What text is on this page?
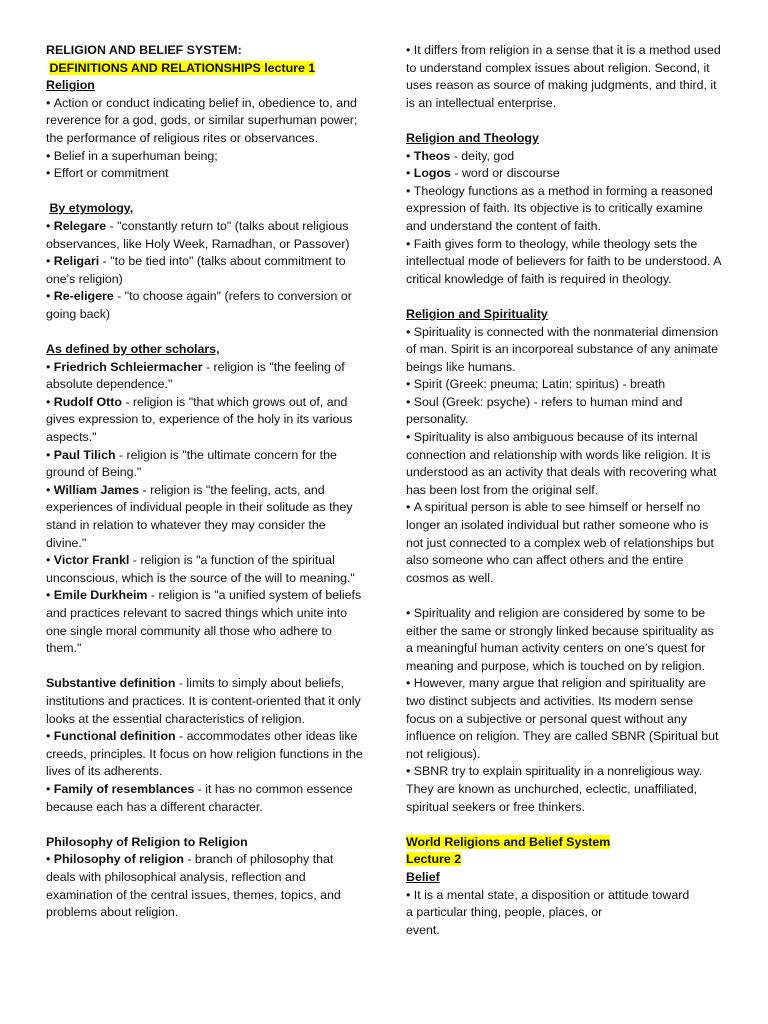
RELIGION AND BELIEF SYSTEM:

DEFINITIONS AND RELATIONSHIPS lecture 1

Religion

• Action or conduct indicating belief in, obedience to, and reverence for a god, gods, or similar superhuman power; the performance of religious rites or observances.

• Belief in a superhuman being;

• Effort or commitment

By etymology,

• Relegare - "constantly return to" (talks about religious observances, like Holy Week, Ramadhan, or Passover)

• Religari - "to be tied into" (talks about commitment to one's religion)

• Re-eligere - "to choose again" (refers to conversion or going back)

As defined by other scholars,

• Friedrich Schleiermacher - religion is "the feeling of absolute dependence."

• Rudolf Otto - religion is "that which grows out of, and gives expression to, experience of the holy in its various aspects."

• Paul Tilich - religion is "the ultimate concern for the ground of Being."

• William James - religion is "the feeling, acts, and experiences of individual people in their solitude as they stand in relation to whatever they may consider the divine."

• Victor Frankl - religion is "a function of the spiritual unconscious, which is the source of the will to meaning."

• Emile Durkheim - religion is "a unified system of beliefs and practices relevant to sacred things which unite into one single moral community all those who adhere to them."

Substantive definition - limits to simply about beliefs, institutions and practices. It is content-oriented that it only looks at the essential characteristics of religion.

• Functional definition - accommodates other ideas like creeds, principles. It focus on how religion functions in the lives of its adherents.

• Family of resemblances - it has no common essence because each has a different character.

Philosophy of Religion to Religion

• Philosophy of religion - branch of philosophy that deals with philosophical analysis, reflection and examination of the central issues, themes, topics, and problems about religion.

• It differs from religion in a sense that it is a method used to understand complex issues about religion. Second, it uses reason as source of making judgments, and third, it is an intellectual enterprise.

Religion and Theology

• Theos - deity, god

• Logos - word or discourse

• Theology functions as a method in forming a reasoned expression of faith. Its objective is to critically examine and understand the content of faith.

• Faith gives form to theology, while theology sets the intellectual mode of believers for faith to be understood. A critical knowledge of faith is required in theology.

Religion and Spirituality

• Spirituality is connected with the nonmaterial dimension of man. Spirit is an incorporeal substance of any animate beings like humans.

• Spirit (Greek: pneuma; Latin: spiritus) - breath

• Soul (Greek: psyche) - refers to human mind and personality.

• Spirituality is also ambiguous because of its internal connection and relationship with words like religion. It is understood as an activity that deals with recovering what has been lost from the original self.

• A spiritual person is able to see himself or herself no longer an isolated individual but rather someone who is not just connected to a complex web of relationships but also someone who can affect others and the entire cosmos as well.

• Spirituality and religion are considered by some to be either the same or strongly linked because spirituality as a meaningful human activity centers on one's quest for meaning and purpose, which is touched on by religion.

• However, many argue that religion and spirituality are two distinct subjects and activities. Its modern sense focus on a subjective or personal quest without any influence on religion. They are called SBNR (Spiritual but not religious).

• SBNR try to explain spirituality in a nonreligious way. They are known as unchurched, eclectic, unaffiliated, spiritual seekers or free thinkers.

World Religions and Belief System

Lecture 2

Belief

• It is a mental state, a disposition or attitude toward

a particular thing, people, places, or

event.
